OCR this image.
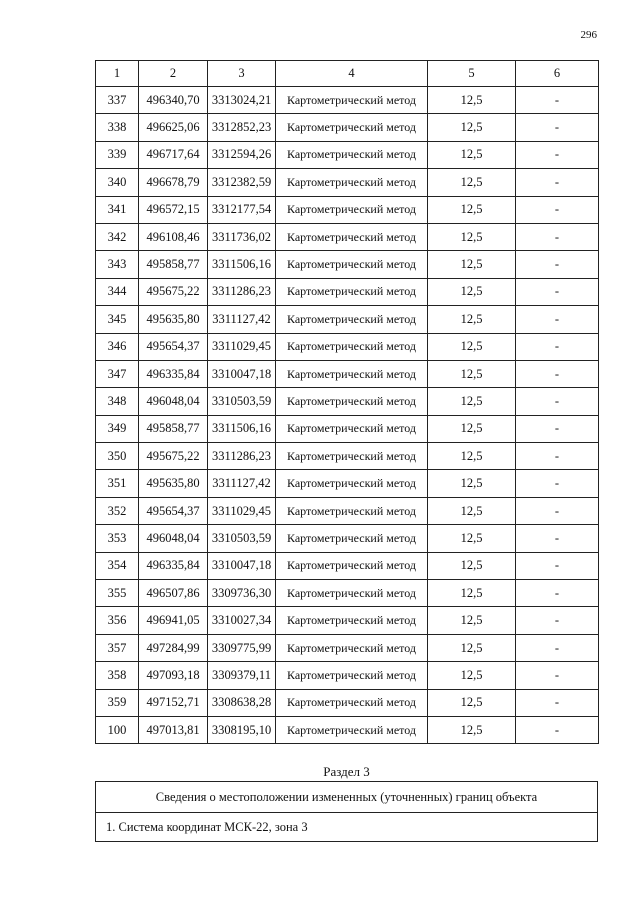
296
1	2	3	4	5	6
337	496340,70	3313024,21	Картометрический метод	12,5	-
338	496625,06	3312852,23	Картометрический метод	12,5	-
339	496717,64	3312594,26	Картометрический метод	12,5	-
340	496678,79	3312382,59	Картометрический метод	12,5	-
341	496572,15	3312177,54	Картометрический метод	12,5	-
342	496108,46	3311736,02	Картометрический метод	12,5	-
343	495858,77	3311506,16	Картометрический метод	12,5	-
344	495675,22	3311286,23	Картометрический метод	12,5	-
345	495635,80	3311127,42	Картометрический метод	12,5	-
346	495654,37	3311029,45	Картометрический метод	12,5	-
347	496335,84	3310047,18	Картометрический метод	12,5	-
348	496048,04	3310503,59	Картометрический метод	12,5	-
349	495858,77	3311506,16	Картометрический метод	12,5	-
350	495675,22	3311286,23	Картометрический метод	12,5	-
351	495635,80	3311127,42	Картометрический метод	12,5	-
352	495654,37	3311029,45	Картометрический метод	12,5	-
353	496048,04	3310503,59	Картометрический метод	12,5	-
354	496335,84	3310047,18	Картометрический метод	12,5	-
355	496507,86	3309736,30	Картометрический метод	12,5	-
356	496941,05	3310027,34	Картометрический метод	12,5	-
357	497284,99	3309775,99	Картометрический метод	12,5	-
358	497093,18	3309379,11	Картометрический метод	12,5	-
359	497152,71	3308638,28	Картометрический метод	12,5	-
100	497013,81	3308195,10	Картометрический метод	12,5	-
Раздел 3
Сведения о местоположении измененных (уточненных) границ объекта
1. Система координат МСК-22, зона 3
